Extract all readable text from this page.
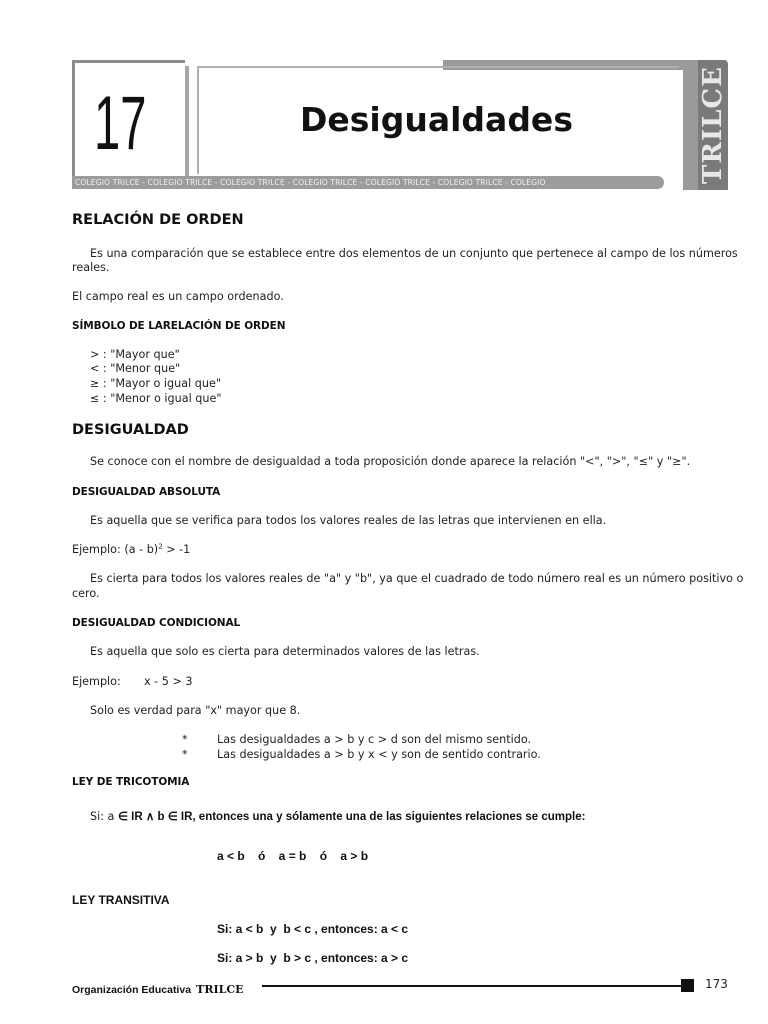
17	Desigualdades	TRILCE
COLEGIO TRILCE - COLEGIO TRILCE - COLEGIO TRILCE - COLEGIO TRILCE - COLEGIO TRILCE - COLEGIO TRILCE - COLEGIO
RELACIÓN DE ORDEN
Es una comparación que se establece entre dos elementos de un conjunto que pertenece al campo de los números
reales.
El campo real es un campo ordenado.
SÍMBOLO DE LARELACIÓN DE ORDEN
> : "Mayor que"
< : "Menor que"
≥ : "Mayor o igual que"
≤ : "Menor o igual que"
DESIGUALDAD
Se conoce con el nombre de desigualdad a toda proposición donde aparece la relación "<", ">", "≤" y "≥".
DESIGUALDAD ABSOLUTA
Es aquella que se verifica para todos los valores reales de las letras que intervienen en ella.
Ejemplo: (a - b)$^2$ > -1
Es cierta para todos los valores reales de "a" y "b", ya que el cuadrado de todo número real es un número positivo o
cero.
DESIGUALDAD CONDICIONAL
Es aquella que solo es cierta para determinados valores de las letras.
Ejemplo: x - 5 > 3
Solo es verdad para "x" mayor que 8.
*	Las desigualdades a > b y c > d son del mismo sentido.
*	Las desigualdades a > b y x < y son de sentido contrario.
LEY DE TRICOTOMIA
Si: a ∈ IR ∧ b ∈ IR, entonces una y sólamente una de las siguientes relaciones se cumple:
a < b    ó    a = b    ó    a > b
LEY TRANSITIVA
Si: a < b  y  b < c , entonces: a < c
Si: a > b  y  b > c , entonces: a > c
Organización Educativa TRILCE	173
